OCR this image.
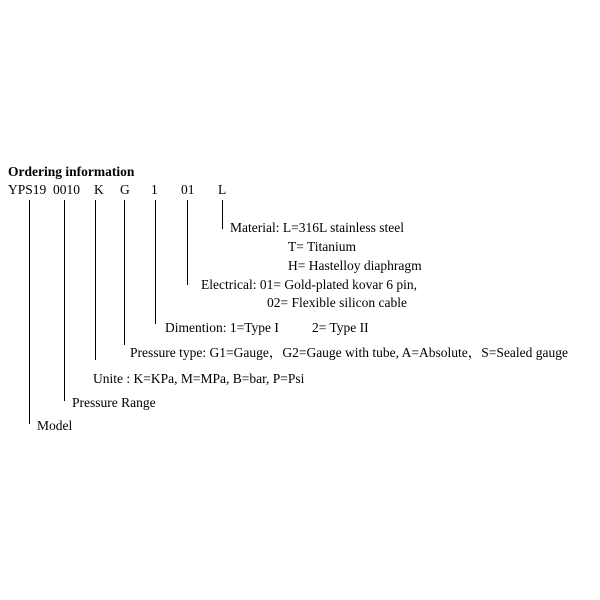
Ordering information
YPS19 0010 K G 1 01 L
Material: L=316L stainless steel
T= Titanium
H= Hastelloy diaphragm
Electrical: 01= Gold-plated kovar 6 pin,
02= Flexible silicon cable
Dimention: 1=Type I 2= Type II
Pressure type: G1=Gauge，G2=Gauge with tube, A=Absolute，S=Sealed gauge
Unite : K=KPa, M=MPa, B=bar, P=Psi
Pressure Range
Model
